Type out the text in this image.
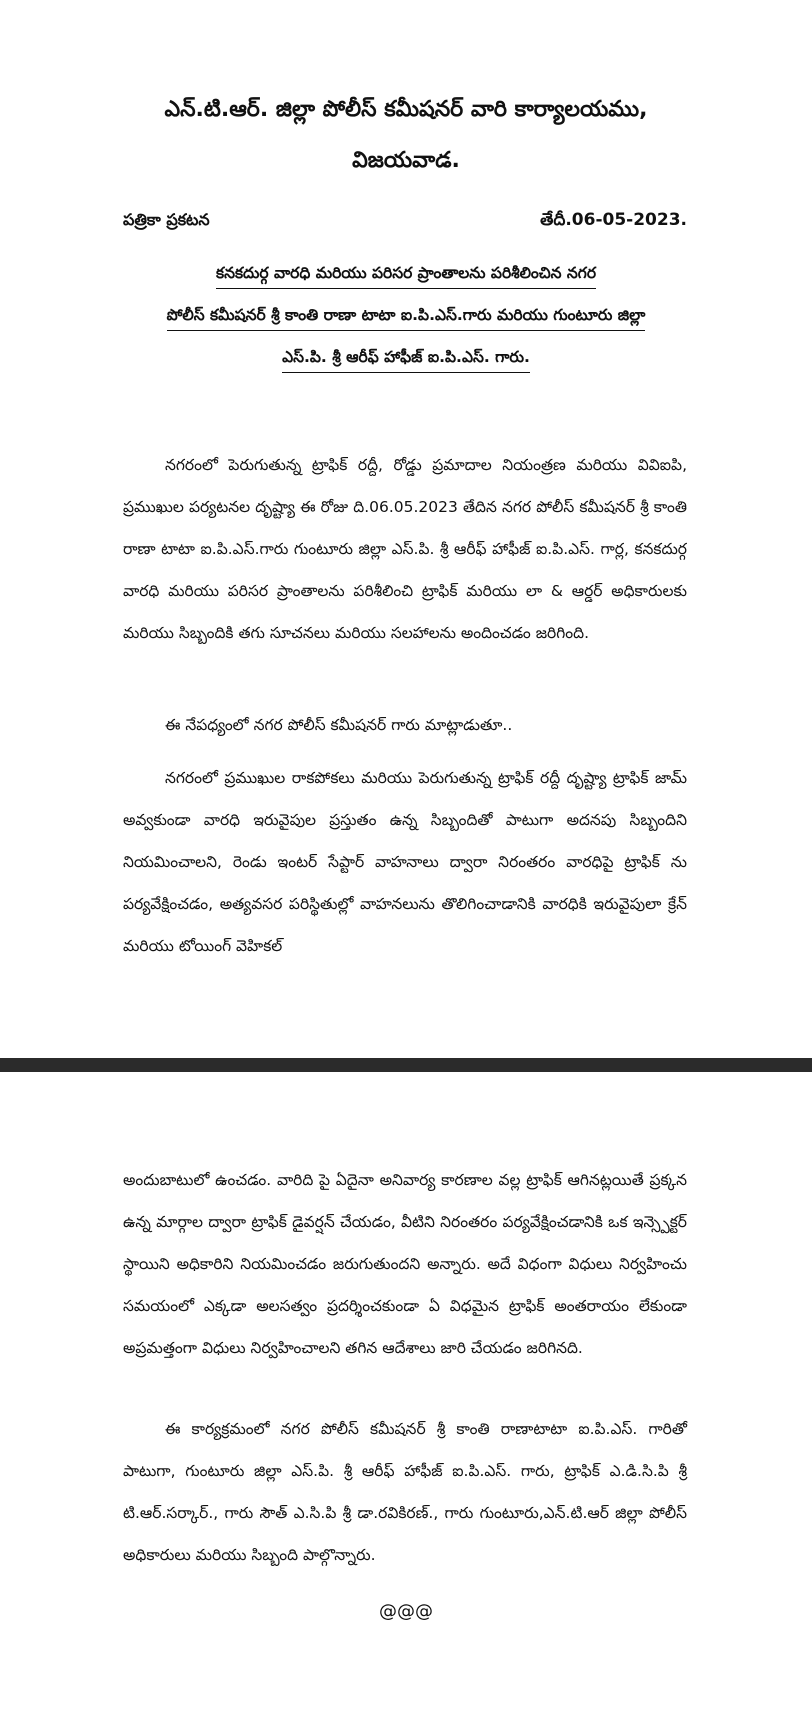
ఎన్.టి.ఆర్. జిల్లా పోలీస్ కమీషనర్ వారి కార్యాలయము,
విజయవాడ.
పత్రికా ప్రకటన	తేదీ.06-05-2023.
కనకదుర్గ వారధి మరియు పరిసర ప్రాంతాలను పరిశీలించిన నగర
పోలీస్ కమీషనర్ శ్రీ కాంతి రాణా టాటా ఐ.పి.ఎస్.గారు మరియు గుంటూరు జిల్లా
ఎస్.పి. శ్రీ ఆరీఫ్ హాఫీజ్ ఐ.పి.ఎస్. గారు.

నగరంలో పెరుగుతున్న ట్రాఫిక్ రద్దీ, రోడ్డు ప్రమాదాల నియంత్రణ మరియు వివిఐపి, ప్రముఖుల పర్యటనల దృష్ట్యా ఈ రోజు ది.06.05.2023 తేదిన నగర పోలీస్ కమీషనర్ శ్రీ కాంతి రాణా టాటా ఐ.పి.ఎస్.గారు గుంటూరు జిల్లా ఎస్.పి. శ్రీ ఆరీఫ్ హాఫీజ్ ఐ.పి.ఎస్. గార్ల, కనకదుర్గ వారధి మరియు పరిసర ప్రాంతాలను పరిశీలించి ట్రాఫిక్ మరియు లా & ఆర్డర్ అధికారులకు మరియు సిబ్బందికి తగు సూచనలు మరియు సలహాలను అందించడం జరిగింది.

ఈ నేపధ్యంలో నగర పోలీస్ కమీషనర్ గారు మాట్లాడుతూ..

నగరంలో ప్రముఖుల రాకపోకలు మరియు పెరుగుతున్న ట్రాఫిక్ రద్దీ దృష్ట్యా ట్రాఫిక్ జామ్ అవ్వకుండా వారధి ఇరువైపుల ప్రస్తుతం ఉన్న సిబ్బందితో పాటుగా అదనపు సిబ్బందిని నియమించాలని, రెండు ఇంటర్ సేప్టార్ వాహనాలు ద్వారా నిరంతరం వారధిపై ట్రాఫిక్ ను పర్యవేక్షించడం, అత్యవసర పరిస్థితుల్లో వాహనలును తొలిగించాడానికి వారధికి ఇరువైపులా క్రేన్ మరియు టోయింగ్ వెహికల్

అందుబాటులో ఉంచడం. వారిది పై ఏదైనా అనివార్య కారణాల వల్ల ట్రాఫిక్ ఆగినట్లయితే ప్రక్కన ఉన్న మార్గాల ద్వారా ట్రాఫిక్ డైవర్షన్ చేయడం, వీటిని నిరంతరం పర్యవేక్షించడానికి ఒక ఇన్స్పెక్టర్ స్థాయిని అధికారిని నియమించడం జరుగుతుందని అన్నారు. అదే విధంగా విధులు నిర్వహించు సమయంలో ఎక్కడా అలసత్వం ప్రదర్శించకుండా ఏ విధమైన ట్రాఫిక్ అంతరాయం లేకుండా అప్రమత్తంగా విధులు నిర్వహించాలని తగిన ఆదేశాలు జారి చేయడం జరిగినది.

ఈ కార్యక్రమంలో నగర పోలీస్ కమీషనర్ శ్రీ కాంతి రాణాటాటా ఐ.పి.ఎస్. గారితో పాటుగా, గుంటూరు జిల్లా ఎస్.పి. శ్రీ ఆరీఫ్ హాఫీజ్ ఐ.పి.ఎస్. గారు, ట్రాఫిక్ ఎ.డి.సి.పి శ్రీ టి.ఆర్.సర్కార్., గారు సౌత్ ఎ.సి.పి శ్రీ డా.రవికిరణ్., గారు గుంటూరు,ఎన్.టి.ఆర్ జిల్లా పోలీస్ అధికారులు మరియు సిబ్బంది పాల్గొన్నారు.

@@@
